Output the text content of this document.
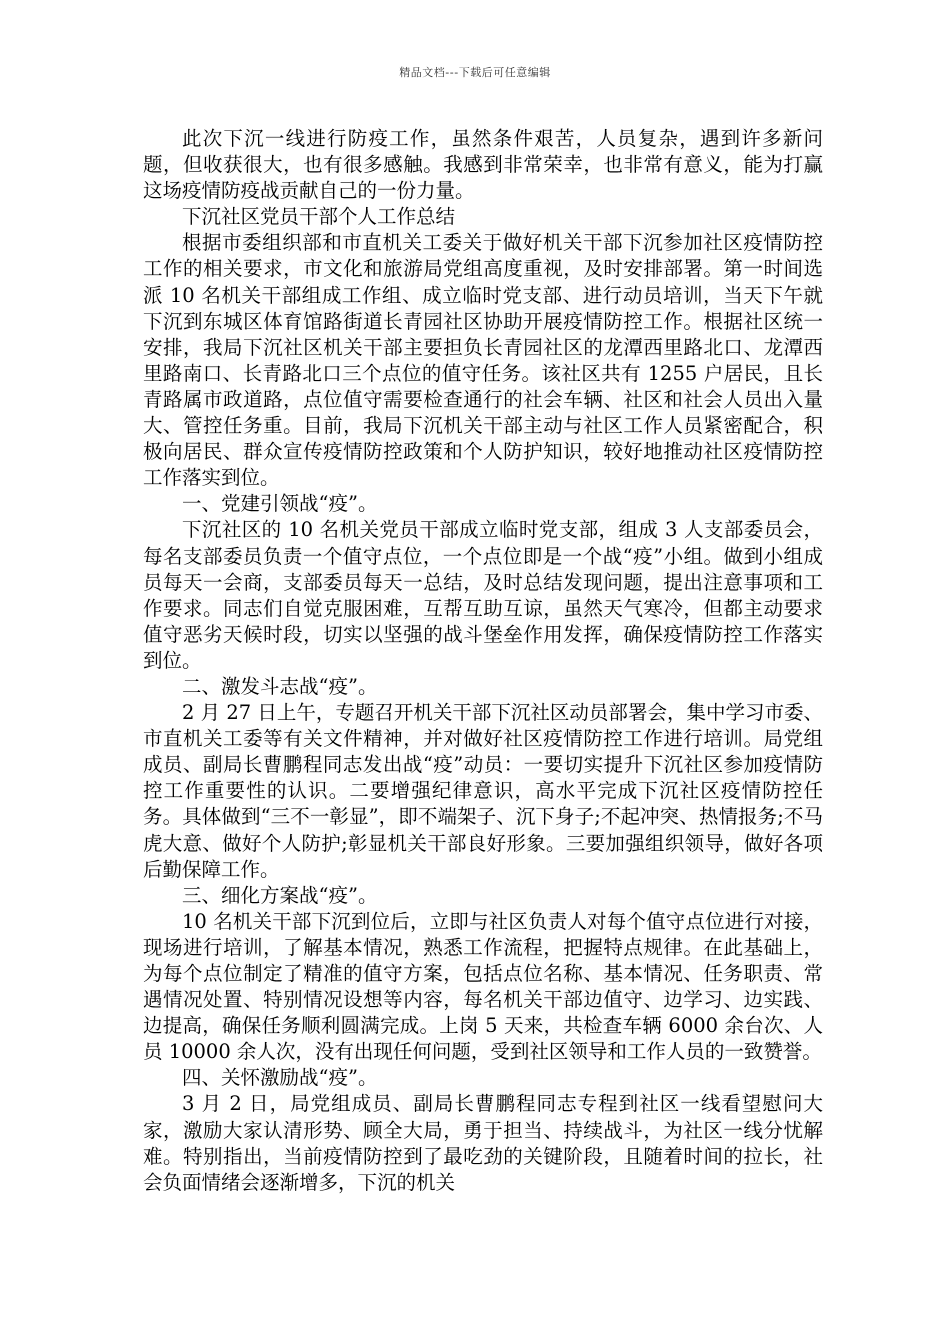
精品文档---下载后可任意编辑

此次下沉一线进行防疫工作，虽然条件艰苦，人员复杂，遇到许多新问题，但收获很大，也有很多感触。我感到非常荣幸，也非常有意义，能为打赢这场疫情防疫战贡献自己的一份力量。

下沉社区党员干部个人工作总结

根据市委组织部和市直机关工委关于做好机关干部下沉参加社区疫情防控工作的相关要求，市文化和旅游局党组高度重视，及时安排部署。第一时间选派 10 名机关干部组成工作组、成立临时党支部、进行动员培训，当天下午就下沉到东城区体育馆路街道长青园社区协助开展疫情防控工作。根据社区统一安排，我局下沉社区机关干部主要担负长青园社区的龙潭西里路北口、龙潭西里路南口、长青路北口三个点位的值守任务。该社区共有 1255 户居民，且长青路属市政道路，点位值守需要检查通行的社会车辆、社区和社会人员出入量大、管控任务重。目前，我局下沉机关干部主动与社区工作人员紧密配合，积极向居民、群众宣传疫情防控政策和个人防护知识，较好地推动社区疫情防控工作落实到位。

一、党建引领战“疫”。

下沉社区的 10 名机关党员干部成立临时党支部，组成 3 人支部委员会，每名支部委员负责一个值守点位，一个点位即是一个战“疫”小组。做到小组成员每天一会商，支部委员每天一总结，及时总结发现问题，提出注意事项和工作要求。同志们自觉克服困难，互帮互助互谅，虽然天气寒冷，但都主动要求值守恶劣天候时段，切实以坚强的战斗堡垒作用发挥，确保疫情防控工作落实到位。

二、激发斗志战“疫”。

2 月 27 日上午，专题召开机关干部下沉社区动员部署会，集中学习市委、市直机关工委等有关文件精神，并对做好社区疫情防控工作进行培训。局党组成员、副局长曹鹏程同志发出战“疫”动员：一要切实提升下沉社区参加疫情防控工作重要性的认识。二要增强纪律意识，高水平完成下沉社区疫情防控任务。具体做到“三不一彰显”，即不端架子、沉下身子;不起冲突、热情报务;不马虎大意、做好个人防护;彰显机关干部良好形象。三要加强组织领导，做好各项后勤保障工作。

三、细化方案战“疫”。

10 名机关干部下沉到位后，立即与社区负责人对每个值守点位进行对接，现场进行培训，了解基本情况，熟悉工作流程，把握特点规律。在此基础上，为每个点位制定了精准的值守方案，包括点位名称、基本情况、任务职责、常遇情况处置、特别情况设想等内容，每名机关干部边值守、边学习、边实践、边提高，确保任务顺利圆满完成。上岗 5 天来，共检查车辆 6000 余台次、人员 10000 余人次，没有出现任何问题，受到社区领导和工作人员的一致赞誉。

四、关怀激励战“疫”。

3 月 2 日，局党组成员、副局长曹鹏程同志专程到社区一线看望慰问大家，激励大家认清形势、顾全大局，勇于担当、持续战斗，为社区一线分忧解难。特别指出，当前疫情防控到了最吃劲的关键阶段，且随着时间的拉长，社会负面情绪会逐渐增多，下沉的机关
